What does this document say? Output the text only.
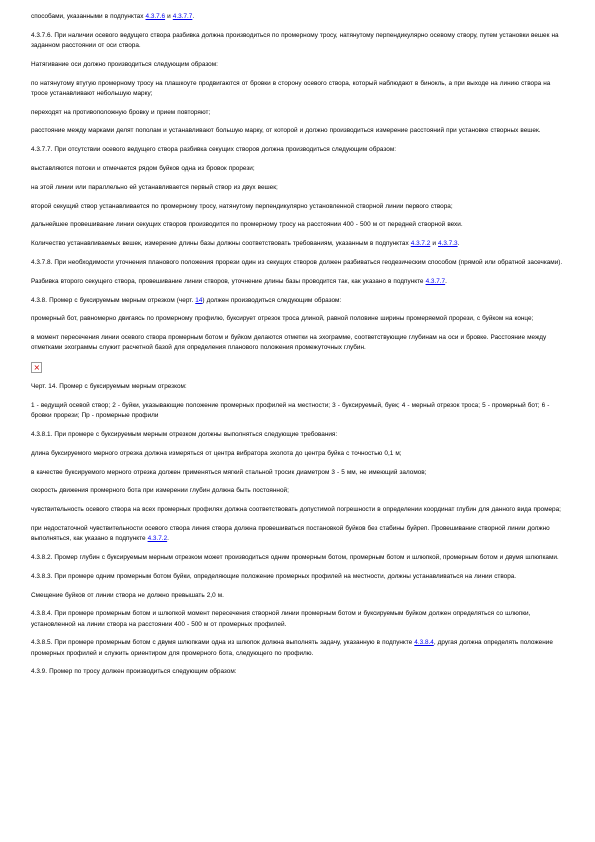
способами, указанными в подпунктах 4.3.7.6 и 4.3.7.7.

4.3.7.6. При наличии осевого ведущего створа разбивка должна производиться по промерному тросу, натянутому перпендикулярно осевому створу, путем установки вешек на заданном расстоянии от оси створа.

Натягивание оси должно производиться следующим образом:

по натянутому втугую промерному тросу на плашкоуте продвигаются от бровки в сторону осевого створа, который наблюдают в бинокль, а при выходе на линию створа на тросе устанавливают небольшую марку;

переходят на противоположную бровку и прием повторяют;

расстояние между марками делят пополам и устанавливают большую марку, от которой и должно производиться измерение расстояний при установке створных вешек.

4.3.7.7. При отсутствии осевого ведущего створа разбивка секущих створов должна производиться следующим образом:

выставляются потоки и отмечается рядом буйков одна из бровок прорези;

на этой линии или параллельно ей устанавливается первый створ из двух вешек;

второй секущий створ устанавливается по промерному тросу, натянутому перпендикулярно установленной створной линии первого створа;

дальнейшее провешивание линии секущих створов производится по промерному тросу на расстоянии 400 - 500 м от передней створной вехи.

Количество устанавливаемых вешек, измерение длины базы должны соответствовать требованиям, указанным в подпунктах 4.3.7.2 и 4.3.7.3.

4.3.7.8. При необходимости уточнения планового положения прорези один из секущих створов должен разбиваться геодезическим способом (прямой или обратной засечками).

Разбивка второго секущего створа, провешивание линии створов, уточнение длины базы проводится так, как указано в подпункте 4.3.7.7.

4.3.8. Промер с буксируемым мерным отрезком (черт. 14) должен производиться следующим образом:

промерный бот, равномерно двигаясь по промерному профилю, буксирует отрезок троса длиной, равной половине ширины промеряемой прорези, с буйком на конце;

в момент пересечения линии осевого створа промерным ботом и буйком делаются отметки на эхограмме, соответствующие глубинам на оси и бровке. Расстояние между отметками эхограммы служит расчетной базой для определения планового положения промежуточных глубин.

×

Черт. 14. Промер с буксируемым мерным отрезком:

1 - ведущий осевой створ; 2 - буйки, указывающие положение промерных профилей на местности; 3 - буксируемый, буек; 4 - мерный отрезок троса; 5 - промерный бот; 6 - бровки прорези; Пр - промерные профили

4.3.8.1. При промере с буксируемым мерным отрезком должны выполняться следующие требования:

длина буксируемого мерного отрезка должна измеряться от центра вибратора эхолота до центра буйка с точностью 0,1 м;

в качестве буксируемого мерного отрезка должен применяться мягкий стальной тросик диаметром 3 - 5 мм, не имеющий заломов;

скорость движения промерного бота при измерении глубин должна быть постоянной;

чувствительность осевого створа на всех промерных профилях должна соответствовать допустимой погрешности в определении координат глубин для данного вида промера;

при недостаточной чувствительности осевого створа линия створа должна провешиваться постановкой буйков без стабины буйреп. Провешивание створной линии должно выполняться, как указано в подпункте 4.3.7.2.

4.3.8.2. Промер глубин с буксируемым мерным отрезком может производиться одним промерным ботом, промерным ботом и шлюпкой, промерным ботом и двумя шлюпками.

4.3.8.3. При промере одним промерным ботом буйки, определяющие положение промерных профилей на местности, должны устанавливаться на линии створа.

Смещение буйков от линии створа не должно превышать 2,0 м.

4.3.8.4. При промере промерным ботом и шлюпкой момент пересечения створной линии промерным ботом и буксируемым буйком должен определяться со шлюпки, установленной на линии створа на расстоянии 400 - 500 м от промерных профилей.

4.3.8.5. При промере промерным ботом с двумя шлюпками одна из шлюпок должна выполнять задачу, указанную в подпункте 4.3.8.4, другая должна определять положение промерных профилей и служить ориентиром для промерного бота, следующего по профилю.

4.3.9. Промер по тросу должен производиться следующим образом:
